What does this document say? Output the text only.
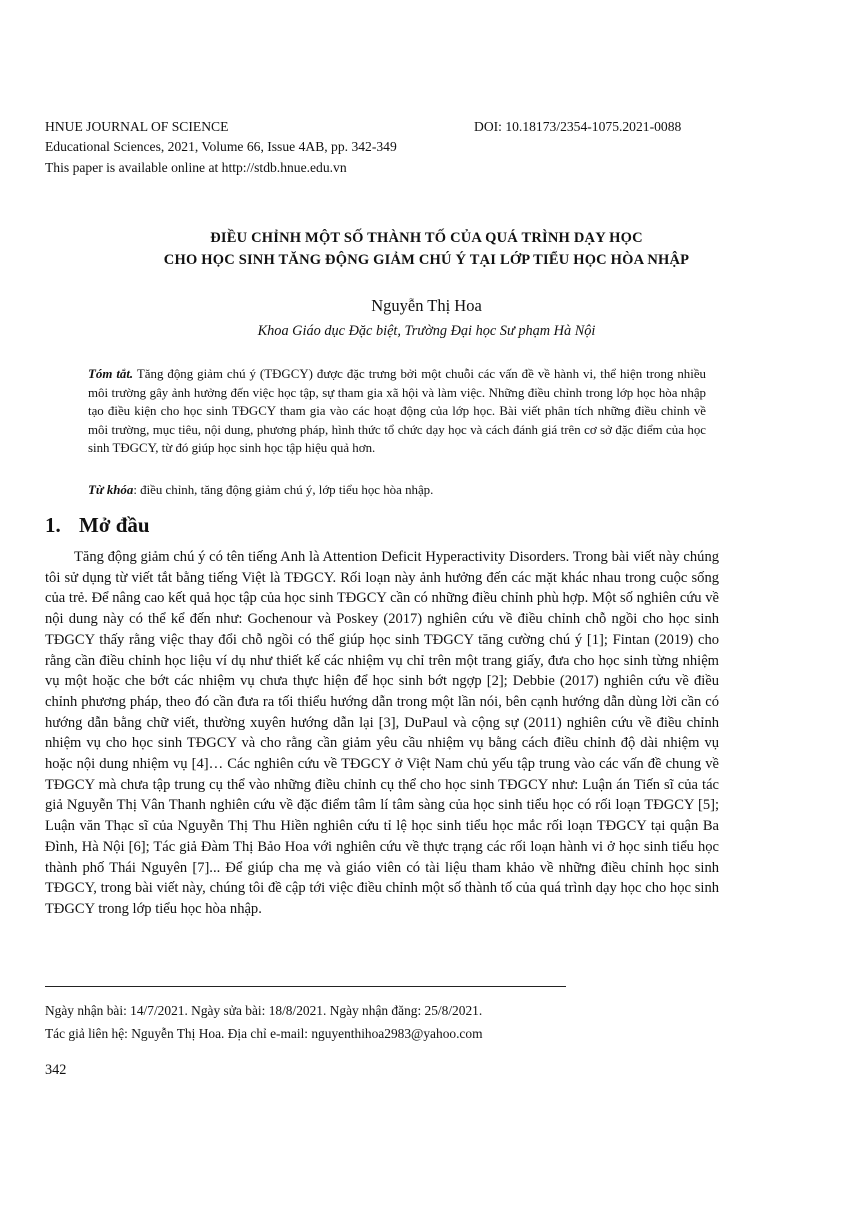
HNUE JOURNAL OF SCIENCE	DOI: 10.18173/2354-1075.2021-0088
Educational Sciences, 2021, Volume 66, Issue 4AB, pp. 342-349
This paper is available online at http://stdb.hnue.edu.vn
ĐIỀU CHỈNH MỘT SỐ THÀNH TỐ CỦA QUÁ TRÌNH DẠY HỌC
CHO HỌC SINH TĂNG ĐỘNG GIẢM CHÚ Ý TẠI LỚP TIỂU HỌC HÒA NHẬP
Nguyễn Thị Hoa
Khoa Giáo dục Đặc biệt, Trường Đại học Sư phạm Hà Nội
Tóm tắt. Tăng động giảm chú ý (TĐGCY) được đặc trưng bởi một chuỗi các vấn đề về hành vi, thể hiện trong nhiều môi trường gây ảnh hưởng đến việc học tập, sự tham gia xã hội và làm việc. Những điều chỉnh trong lớp học hòa nhập tạo điều kiện cho học sinh TĐGCY tham gia vào các hoạt động của lớp học. Bài viết phân tích những điều chỉnh về môi trường, mục tiêu, nội dung, phương pháp, hình thức tổ chức dạy học và cách đánh giá trên cơ sở đặc điểm của học sinh TĐGCY, từ đó giúp học sinh học tập hiệu quả hơn.
Từ khóa: điều chỉnh, tăng động giảm chú ý, lớp tiểu học hòa nhập.
1. Mở đầu

Tăng động giảm chú ý có tên tiếng Anh là Attention Deficit Hyperactivity Disorders. Trong bài viết này chúng tôi sử dụng từ viết tắt bằng tiếng Việt là TĐGCY. Rối loạn này ảnh hưởng đến các mặt khác nhau trong cuộc sống của trẻ. Để nâng cao kết quả học tập của học sinh TĐGCY cần có những điều chỉnh phù hợp. Một số nghiên cứu về nội dung này có thể kể đến như: Gochenour và Poskey (2017) nghiên cứu về điều chỉnh chỗ ngồi cho học sinh TĐGCY thấy rằng việc thay đổi chỗ ngồi có thể giúp học sinh TĐGCY tăng cường chú ý [1]; Fintan (2019) cho rằng cần điều chỉnh học liệu ví dụ như thiết kế các nhiệm vụ chỉ trên một trang giấy, đưa cho học sinh từng nhiệm vụ một hoặc che bớt các nhiệm vụ chưa thực hiện để học sinh bớt ngợp [2]; Debbie (2017) nghiên cứu về điều chỉnh phương pháp, theo đó cần đưa ra tối thiểu hướng dẫn trong một lần nói, bên cạnh hướng dẫn dùng lời cần có hướng dẫn bằng chữ viết, thường xuyên hướng dẫn lại [3], DuPaul và cộng sự (2011) nghiên cứu về điều chỉnh nhiệm vụ cho học sinh TĐGCY và cho rằng cần giảm yêu cầu nhiệm vụ bằng cách điều chỉnh độ dài nhiệm vụ hoặc nội dung nhiệm vụ [4]… Các nghiên cứu về TĐGCY ở Việt Nam chủ yếu tập trung vào các vấn đề chung về TĐGCY mà chưa tập trung cụ thể vào những điều chỉnh cụ thể cho học sinh TĐGCY như: Luận án Tiến sĩ của tác giả Nguyễn Thị Vân Thanh nghiên cứu về đặc điểm tâm lí tâm sàng của học sinh tiểu học có rối loạn TĐGCY [5]; Luận văn Thạc sĩ của Nguyễn Thị Thu Hiền nghiên cứu tỉ lệ học sinh tiểu học mắc rối loạn TĐGCY tại quận Ba Đình, Hà Nội [6]; Tác giả Đàm Thị Bảo Hoa với nghiên cứu về thực trạng các rối loạn hành vi ở học sinh tiểu học thành phố Thái Nguyên [7]... Để giúp cha mẹ và giáo viên có tài liệu tham khảo về những điều chỉnh học sinh TĐGCY, trong bài viết này, chúng tôi đề cập tới việc điều chỉnh một số thành tố của quá trình dạy học cho học sinh TĐGCY trong lớp tiểu học hòa nhập.

Ngày nhận bài: 14/7/2021. Ngày sửa bài: 18/8/2021. Ngày nhận đăng: 25/8/2021.
Tác giả liên hệ: Nguyễn Thị Hoa. Địa chỉ e-mail: nguyenthihoa2983@yahoo.com
342
